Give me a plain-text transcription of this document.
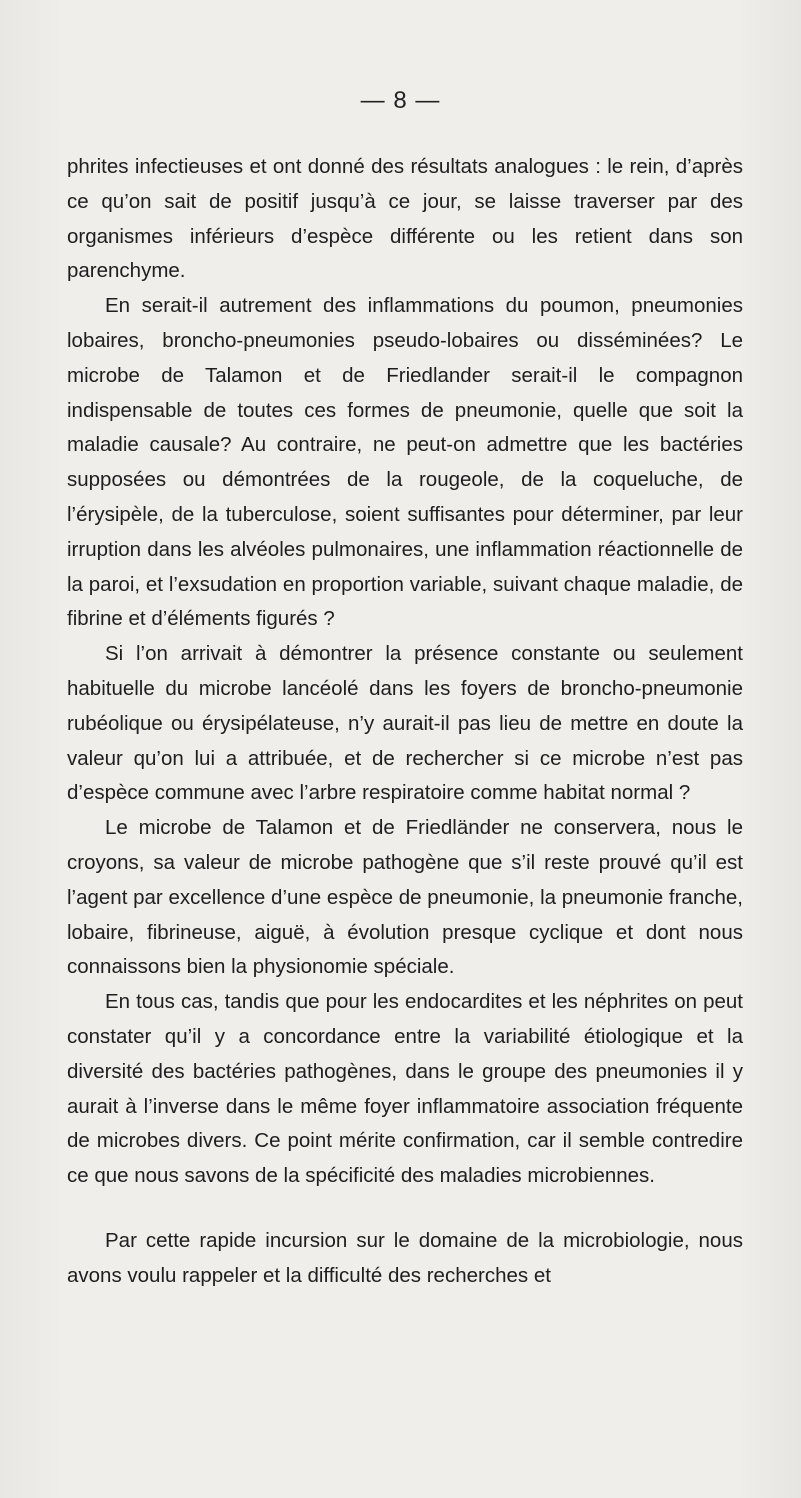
— 8 —

phrites infectieuses et ont donné des résultats analogues : le rein, d’après ce qu’on sait de positif jusqu’à ce jour, se laisse traverser par des organismes inférieurs d’espèce différente ou les retient dans son parenchyme.

En serait-il autrement des inflammations du poumon, pneumonies lobaires, broncho-pneumonies pseudo-lobaires ou disséminées? Le microbe de Talamon et de Friedlander serait-il le compagnon indispensable de toutes ces formes de pneumonie, quelle que soit la maladie causale? Au contraire, ne peut-on admettre que les bactéries supposées ou démontrées de la rougeole, de la coqueluche, de l’érysipèle, de la tuberculose, soient suffisantes pour déterminer, par leur irruption dans les alvéoles pulmonaires, une inflammation réactionnelle de la paroi, et l’exsudation en proportion variable, suivant chaque maladie, de fibrine et d’éléments figurés ?

Si l’on arrivait à démontrer la présence constante ou seulement habituelle du microbe lancéolé dans les foyers de broncho-pneumonie rubéolique ou érysipélateuse, n’y aurait-il pas lieu de mettre en doute la valeur qu’on lui a attribuée, et de rechercher si ce microbe n’est pas d’espèce commune avec l’arbre respiratoire comme habitat normal ?

Le microbe de Talamon et de Friedländer ne conservera, nous le croyons, sa valeur de microbe pathogène que s’il reste prouvé qu’il est l’agent par excellence d’une espèce de pneumonie, la pneumonie franche, lobaire, fibrineuse, aiguë, à évolution presque cyclique et dont nous connaissons bien la physionomie spéciale.

En tous cas, tandis que pour les endocardites et les néphrites on peut constater qu’il y a concordance entre la variabilité étiologique et la diversité des bactéries pathogènes, dans le groupe des pneumonies il y aurait à l’inverse dans le même foyer inflammatoire association fréquente de microbes divers. Ce point mérite confirmation, car il semble contredire ce que nous savons de la spécificité des maladies microbiennes.

Par cette rapide incursion sur le domaine de la microbiologie, nous avons voulu rappeler et la difficulté des recherches et
